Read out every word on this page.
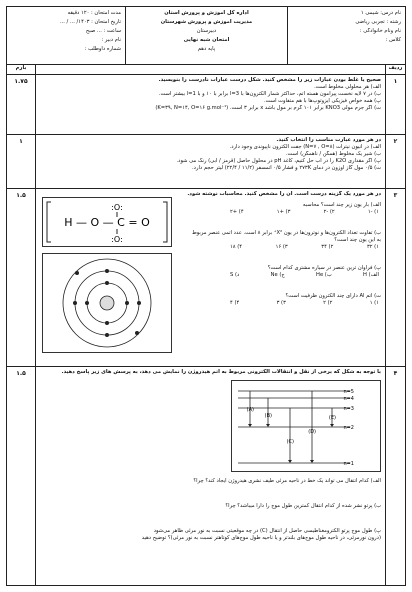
نام درس: شیمی ۱
رشته : تجربی ریاضی
نام ونام خانوادگی :
کلاس :
اداره کل آموزش و پرورش استان
مدیریت آموزش و پرورش شهرستان
دبیرستان
امتحان شبه نهایی
پایه دهم
مدت امتحان : ۱۲۰ دقیقه
تاریخ امتحان : ۱۴۰۳/ ... / ...
ساعت : ... صبح
نام دبیر :
شماره داوطلب :
ردیف
بارم
۱
صحیح یا غلط بودن عبارات زیر را مشخص کنید. شکل درست عبارات نادرست را بنویسید.
الف) هر محلولی مخلوط است.
ب) در ۷ لایه نخست پیرامون هسته اتم، حداکثر شمار الکترون‌ها با l=3 برابر با ۱۰ و با l=1 بیشتر است.
پ) همه خواص فیزیکی ایزوتوپ‌ها با هم متفاوت است.
ت) اگر جرم مولی KNO3 برابر ۱۰۱ گرم بر مول باشد x برابر ۳ است. (K=۳۹, N=۱۴, O=۱۶ g.mol⁻¹)
۱.۷۵
۲
در هر مورد عبارت مناسب را انتخاب کنید.
الف) در آنیون نیترات (N=۷ , O=۸) جفت الکترون ناپیوندی وجود دارد.
ب) شیر یک مخلوط (همگن / ناهمگن) است.
پ) اگر مقداری K2O را در آب حل کنیم، کاغذ pH در محلول حاصل (قرمز / آبی) رنگ می شود.
ت) ۰/۵ مول گاز اوزون در دمای ۲۷۳K و فشار ۰/۵ اتمسفر (۱۱/۲ / ۲۲/۴) لیتر حجم دارد.
۱
۳
در هر مورد یک گزینه درست است. آن را مشخص کنید. محاسبات نوشته شود.
الف) بار یون زیر چند است؟ محاسبه
۱) -۱
۲) -۲
۳) +۱
۴) +۲
ب) تفاوت تعداد الکترون‌ها و نوترون‌ها در یون X²⁺ برابر ۸ است. عدد اتمی عنصر مربوط به این یون چند است؟
۱) ۳۲
۲) ۳۴
۳) ۱۶
۴) ۱۸
پ) فراوان ترین عنصر در سیاره مشتری کدام است؟
الف) H
ب) He
ج) Ne
د) S
ت) اتم Al دارای چند الکترون ظرفیت است؟
۱) ۱
۲) ۲
۳) ۳
۴) ۴
H — O — C = O
:O:
:O:
۱.۵
۴
با توجه به شکل که برخی از نقل و انتقالات الکترونی مربوط به اتم هیدروژن را نمایش می دهد، به پرسش های زیر پاسخ دهید.
n=5
n=4
n=3
n=2
n=1
(A)
(B)
(C)
(D)
(E)
الف) کدام انتقال می تواند یک خط در ناحیه مرئی طیف نشری هیدروژن ایجاد کند؟ چرا؟
ب) پرتو نشر شده از کدام انتقال کمترین طول موج را دارا میباشد؟ چرا؟
پ) طول موج پرتو الکترومغناطیسی حاصل از انتقال (C) در چه موقعیتی نسبت به نور مرئی ظاهر می‌شود
(درون نورمرئی، در ناحیه طول موج‌های بلندتر و یا ناحیه طول موج‌های کوتاهتر نسبت به نور مرئی)؟ توضیح دهید
۱.۵
